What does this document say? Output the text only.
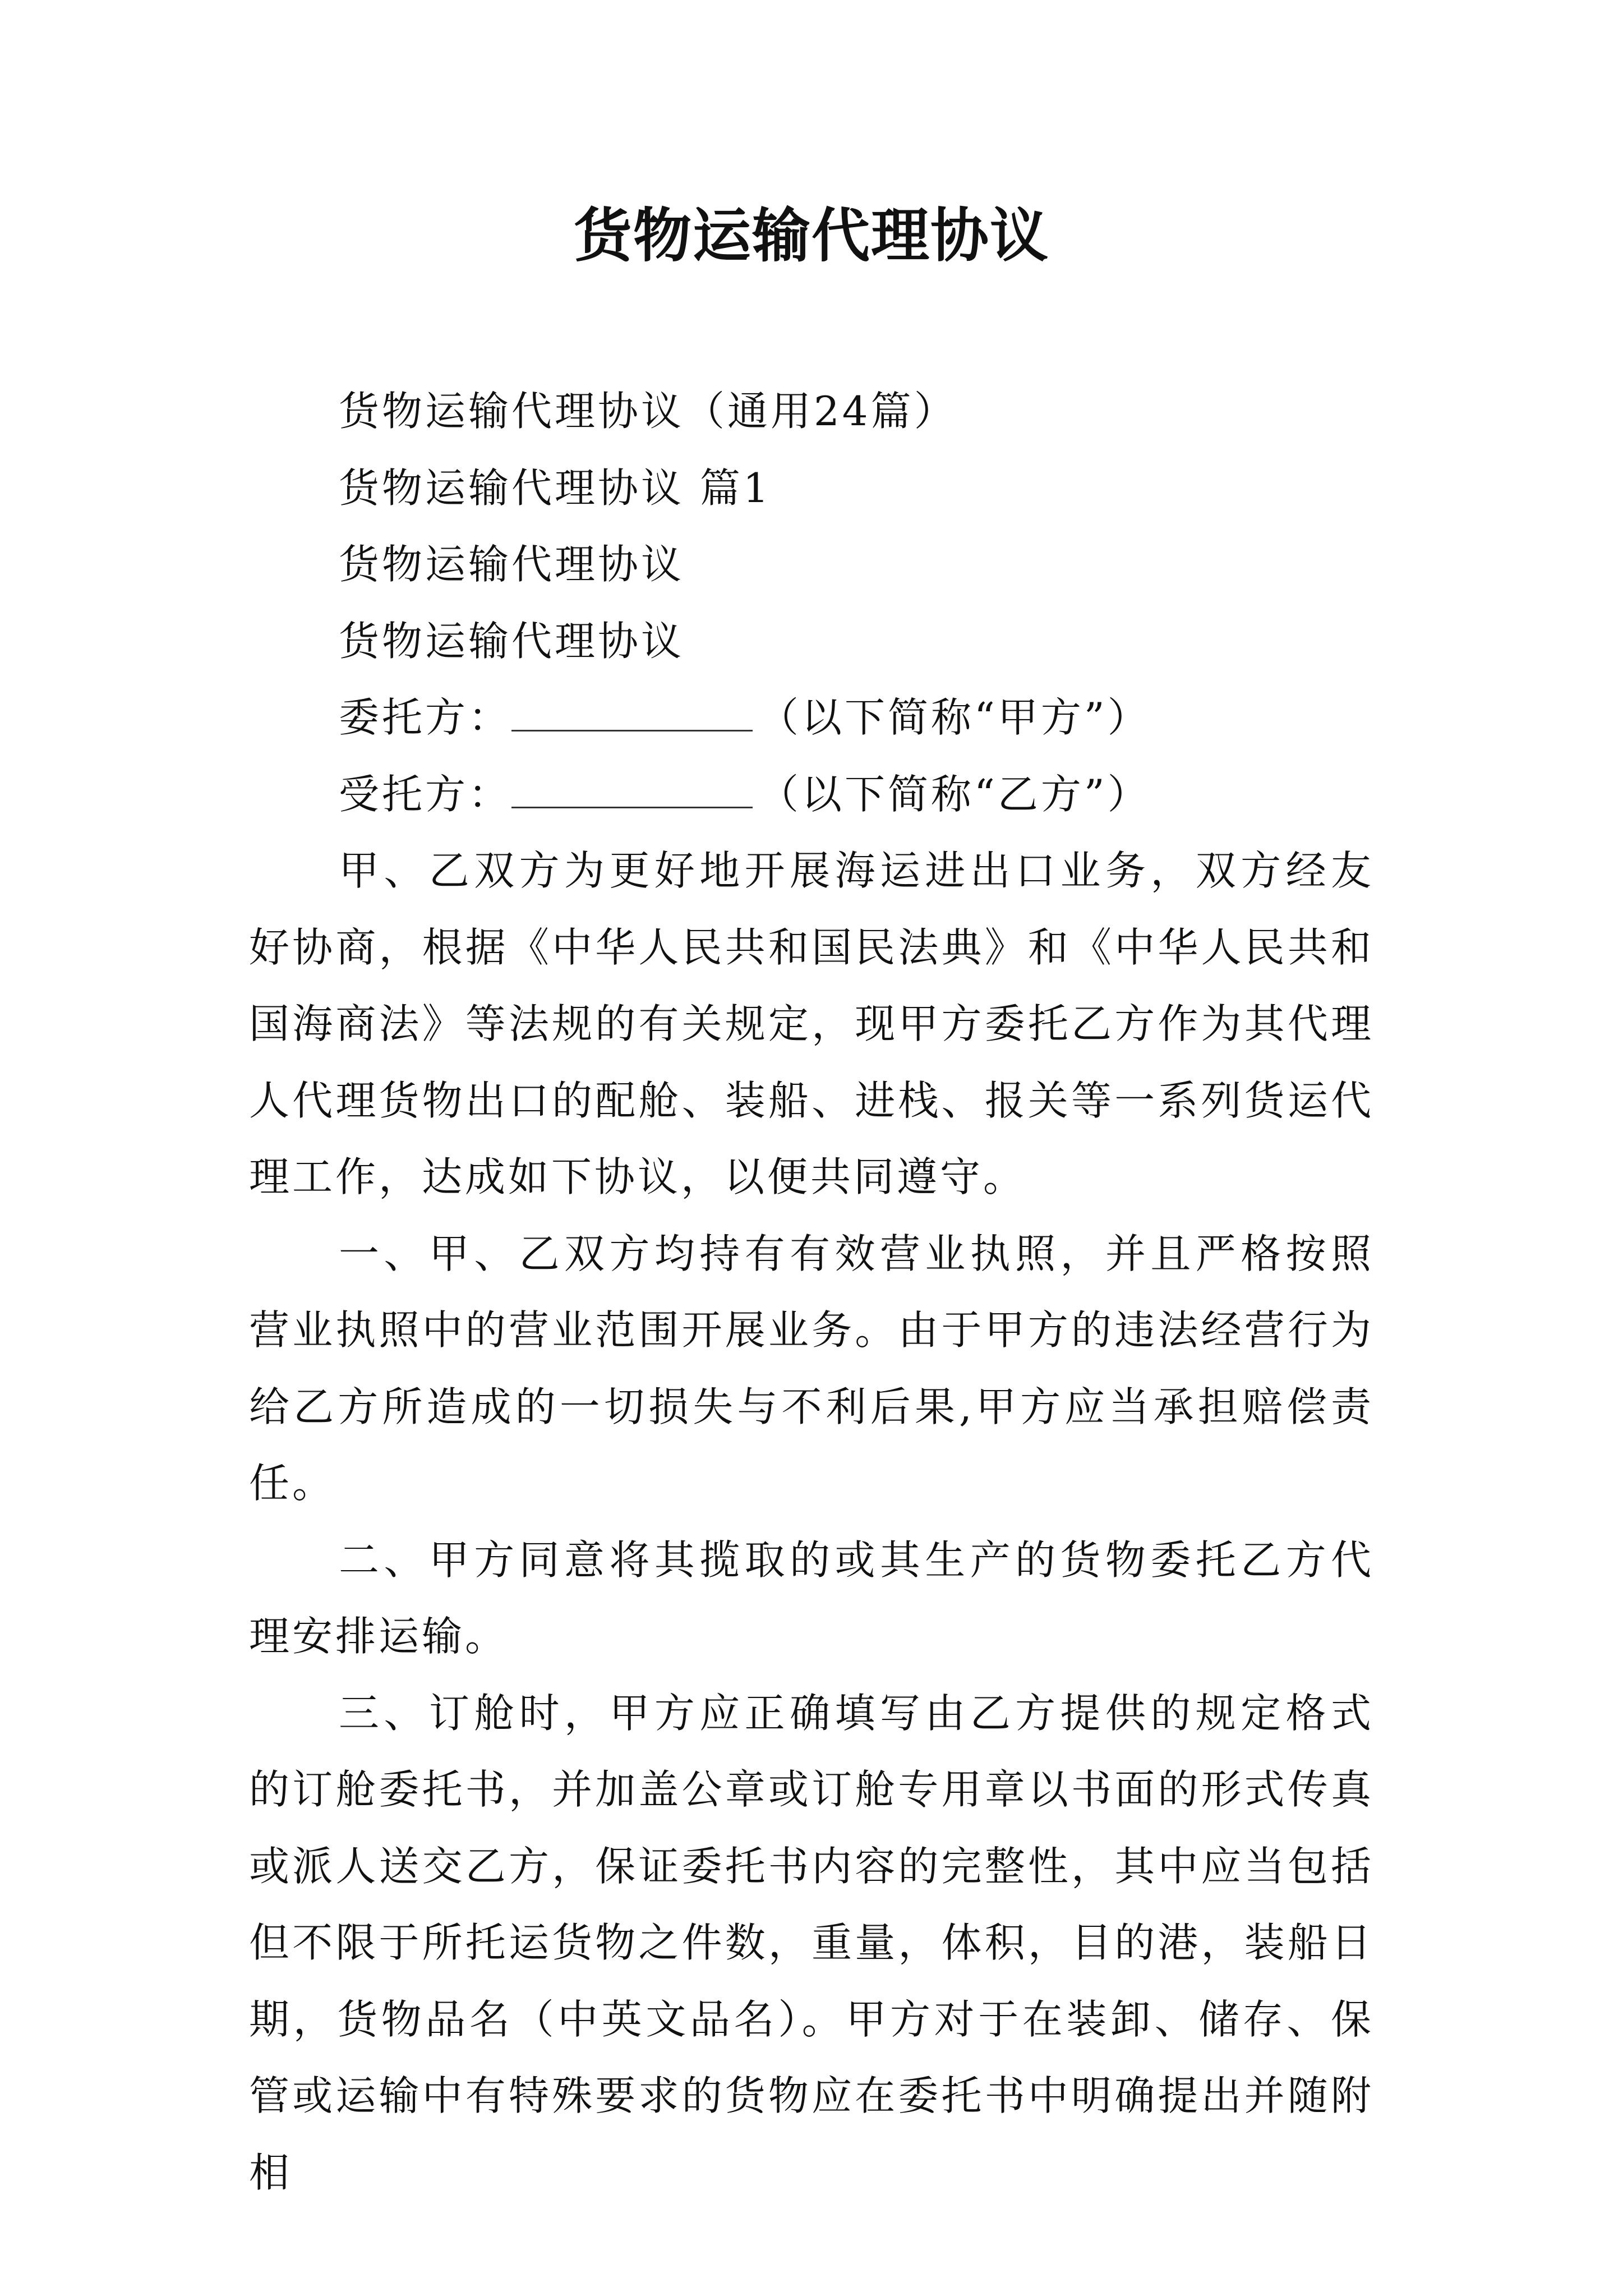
货物运输代理协议

货物运输代理协议（通用24篇）

货物运输代理协议 篇1

货物运输代理协议

货物运输代理协议

委托方：	（以下简称“甲方”）

受托方：	（以下简称“乙方”）

甲、乙双方为更好地开展海运进出口业务，双方经友好协商，根据《中华人民共和国民法典》和《中华人民共和国海商法》等法规的有关规定，现甲方委托乙方作为其代理人代理货物出口的配舱、装船、进栈、报关等一系列货运代理工作，达成如下协议，以便共同遵守。

一、甲、乙双方均持有有效营业执照，并且严格按照营业执照中的营业范围开展业务。由于甲方的违法经营行为给乙方所造成的一切损失与不利后果,甲方应当承担赔偿责任。

二、甲方同意将其揽取的或其生产的货物委托乙方代理安排运输。

三、订舱时，甲方应正确填写由乙方提供的规定格式的订舱委托书，并加盖公章或订舱专用章以书面的形式传真或派人送交乙方，保证委托书内容的完整性，其中应当包括但不限于所托运货物之件数，重量，体积，目的港，装船日期，货物品名（中英文品名）。甲方对于在装卸、储存、保管或运输中有特殊要求的货物应在委托书中明确提出并随附相
